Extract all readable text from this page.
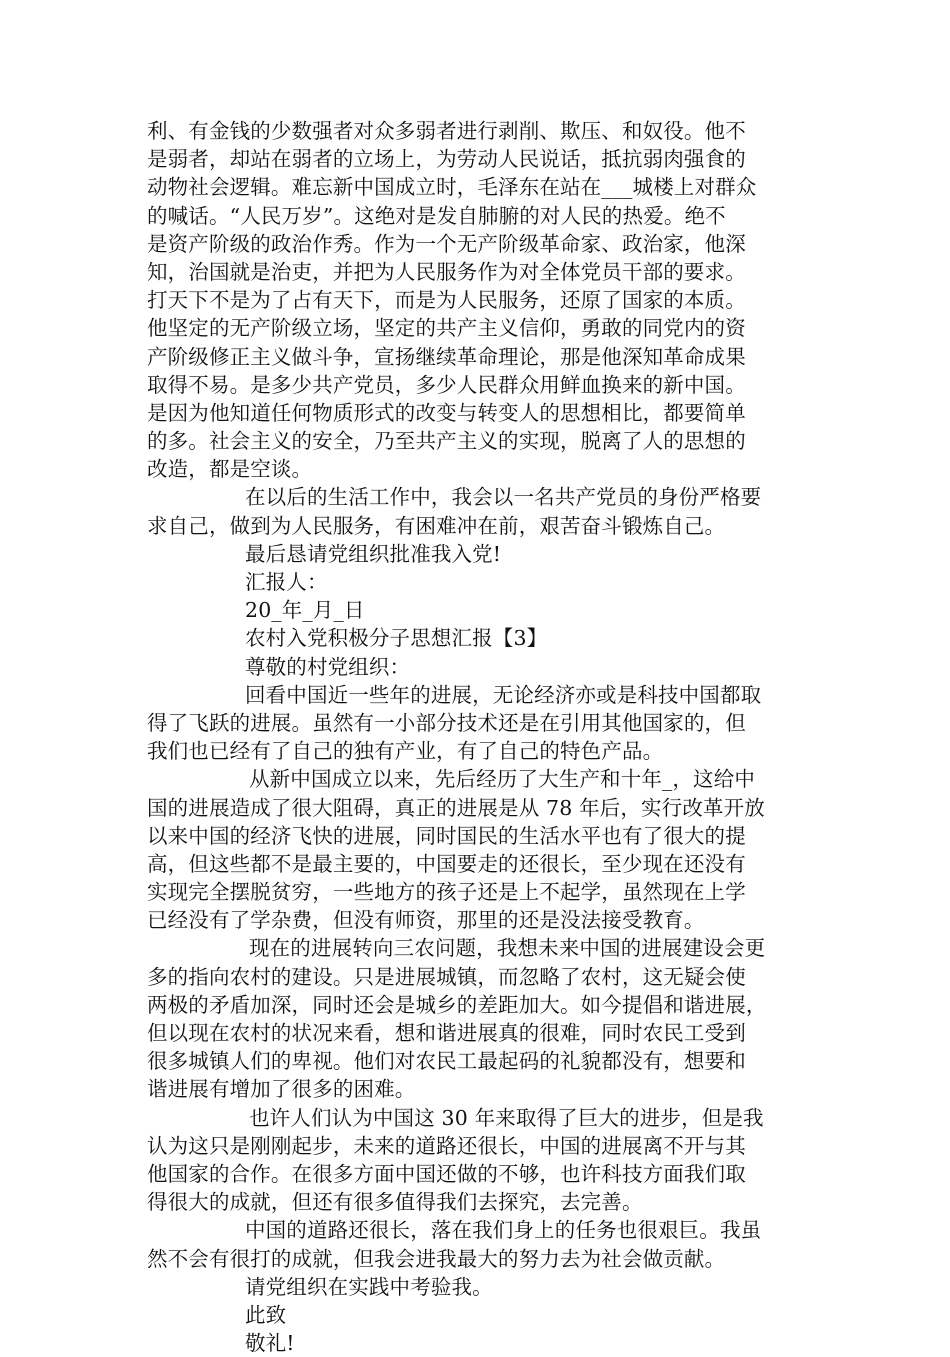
利、有金钱的少数强者对众多弱者进行剥削、欺压、和奴役。他不
是弱者，却站在弱者的立场上，为劳动人民说话，抵抗弱肉强食的
动物社会逻辑。难忘新中国成立时，毛泽东在站在___城楼上对群众
的喊话。“人民万岁”。这绝对是发自肺腑的对人民的热爱。绝不
是资产阶级的政治作秀。作为一个无产阶级革命家、政治家，他深
知，治国就是治吏，并把为人民服务作为对全体党员干部的要求。
打天下不是为了占有天下，而是为人民服务，还原了国家的本质。
他坚定的无产阶级立场，坚定的共产主义信仰，勇敢的同党内的资
产阶级修正主义做斗争，宣扬继续革命理论，那是他深知革命成果
取得不易。是多少共产党员，多少人民群众用鲜血换来的新中国。
是因为他知道任何物质形式的改变与转变人的思想相比，都要简单
的多。社会主义的安全，乃至共产主义的实现，脱离了人的思想的
改造，都是空谈。
在以后的生活工作中，我会以一名共产党员的身份严格要
求自己，做到为人民服务，有困难冲在前，艰苦奋斗锻炼自己。
最后恳请党组织批准我入党!
汇报人：
20_年_月_日
农村入党积极分子思想汇报【3】
尊敬的村党组织：
回看中国近一些年的进展，无论经济亦或是科技中国都取
得了飞跃的进展。虽然有一小部分技术还是在引用其他国家的，但
我们也已经有了自己的独有产业，有了自己的特色产品。
从新中国成立以来，先后经历了大生产和十年_，这给中
国的进展造成了很大阻碍，真正的进展是从 78 年后，实行改革开放
以来中国的经济飞快的进展，同时国民的生活水平也有了很大的提
高，但这些都不是最主要的，中国要走的还很长，至少现在还没有
实现完全摆脱贫穷，一些地方的孩子还是上不起学，虽然现在上学
已经没有了学杂费，但没有师资，那里的还是没法接受教育。
现在的进展转向三农问题，我想未来中国的进展建设会更
多的指向农村的建设。只是进展城镇，而忽略了农村，这无疑会使
两极的矛盾加深，同时还会是城乡的差距加大。如今提倡和谐进展，
但以现在农村的状况来看，想和谐进展真的很难，同时农民工受到
很多城镇人们的卑视。他们对农民工最起码的礼貌都没有，想要和
谐进展有增加了很多的困难。
也许人们认为中国这 30 年来取得了巨大的进步，但是我
认为这只是刚刚起步，未来的道路还很长，中国的进展离不开与其
他国家的合作。在很多方面中国还做的不够，也许科技方面我们取
得很大的成就，但还有很多值得我们去探究，去完善。
中国的道路还很长，落在我们身上的任务也很艰巨。我虽
然不会有很打的成就，但我会进我最大的努力去为社会做贡献。
请党组织在实践中考验我。
此致
敬礼!
